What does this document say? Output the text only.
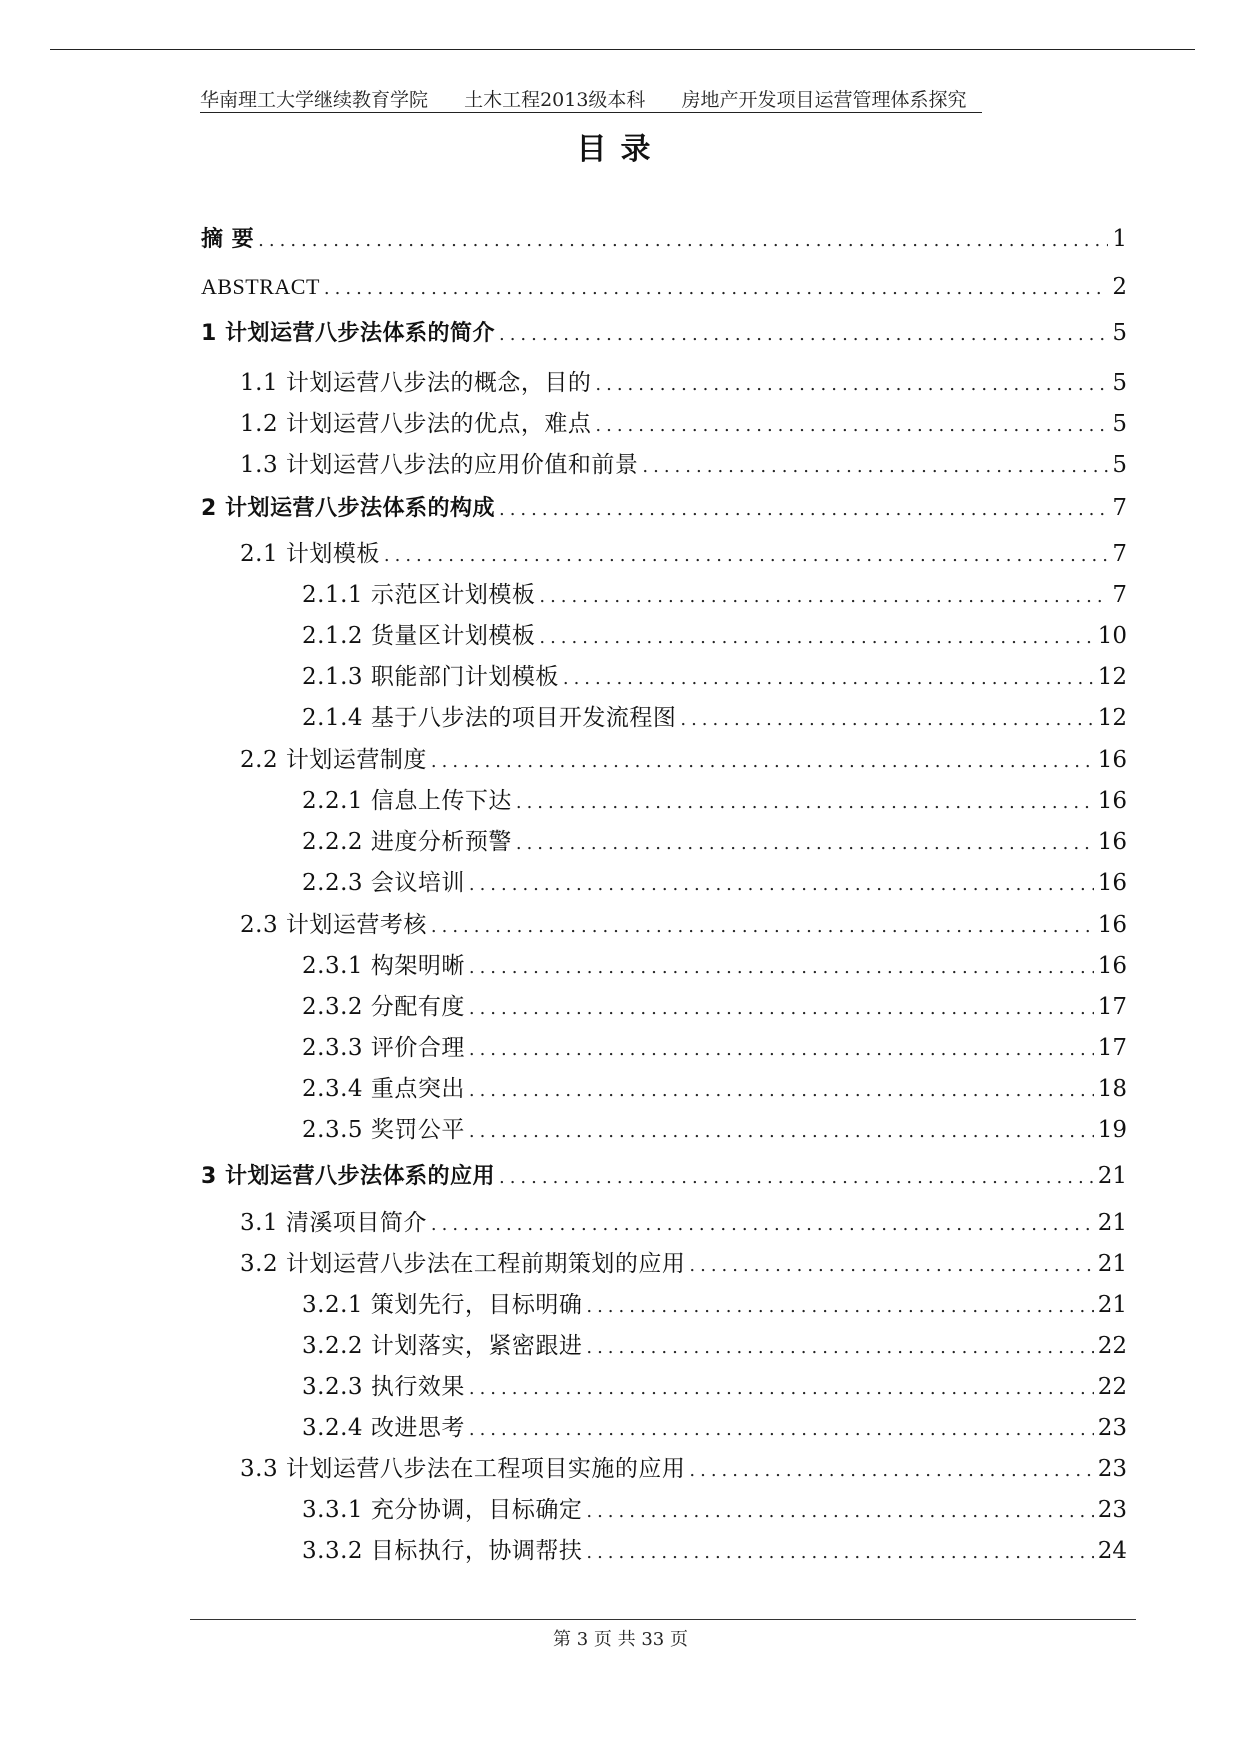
华南理工大学继续教育学院 土木工程2013级本科 房地产开发项目运营管理体系探究
目录
摘 要 .....	1
ABSTRACT .....	2
1 计划运营八步法体系的简介 .....	5
1.1 计划运营八步法的概念，目的 .....	5
1.2 计划运营八步法的优点，难点 .....	5
1.3 计划运营八步法的应用价值和前景 .....	5
2 计划运营八步法体系的构成 .....	7
2.1 计划模板 .....	7
2.1.1 示范区计划模板 .....	7
2.1.2 货量区计划模板 .....	10
2.1.3 职能部门计划模板 .....	12
2.1.4 基于八步法的项目开发流程图 .....	12
2.2 计划运营制度 .....	16
2.2.1 信息上传下达 .....	16
2.2.2 进度分析预警 .....	16
2.2.3 会议培训 .....	16
2.3 计划运营考核 .....	16
2.3.1 构架明晰 .....	16
2.3.2 分配有度 .....	17
2.3.3 评价合理 .....	17
2.3.4 重点突出 .....	18
2.3.5 奖罚公平 .....	19
3 计划运营八步法体系的应用 .....	21
3.1 清溪项目简介 .....	21
3.2 计划运营八步法在工程前期策划的应用 .....	21
3.2.1 策划先行，目标明确 .....	21
3.2.2 计划落实，紧密跟进 .....	22
3.2.3 执行效果 .....	22
3.2.4 改进思考 .....	23
3.3 计划运营八步法在工程项目实施的应用 .....	23
3.3.1 充分协调，目标确定 .....	23
3.3.2 目标执行，协调帮扶 .....	24
第 3 页 共 33 页
